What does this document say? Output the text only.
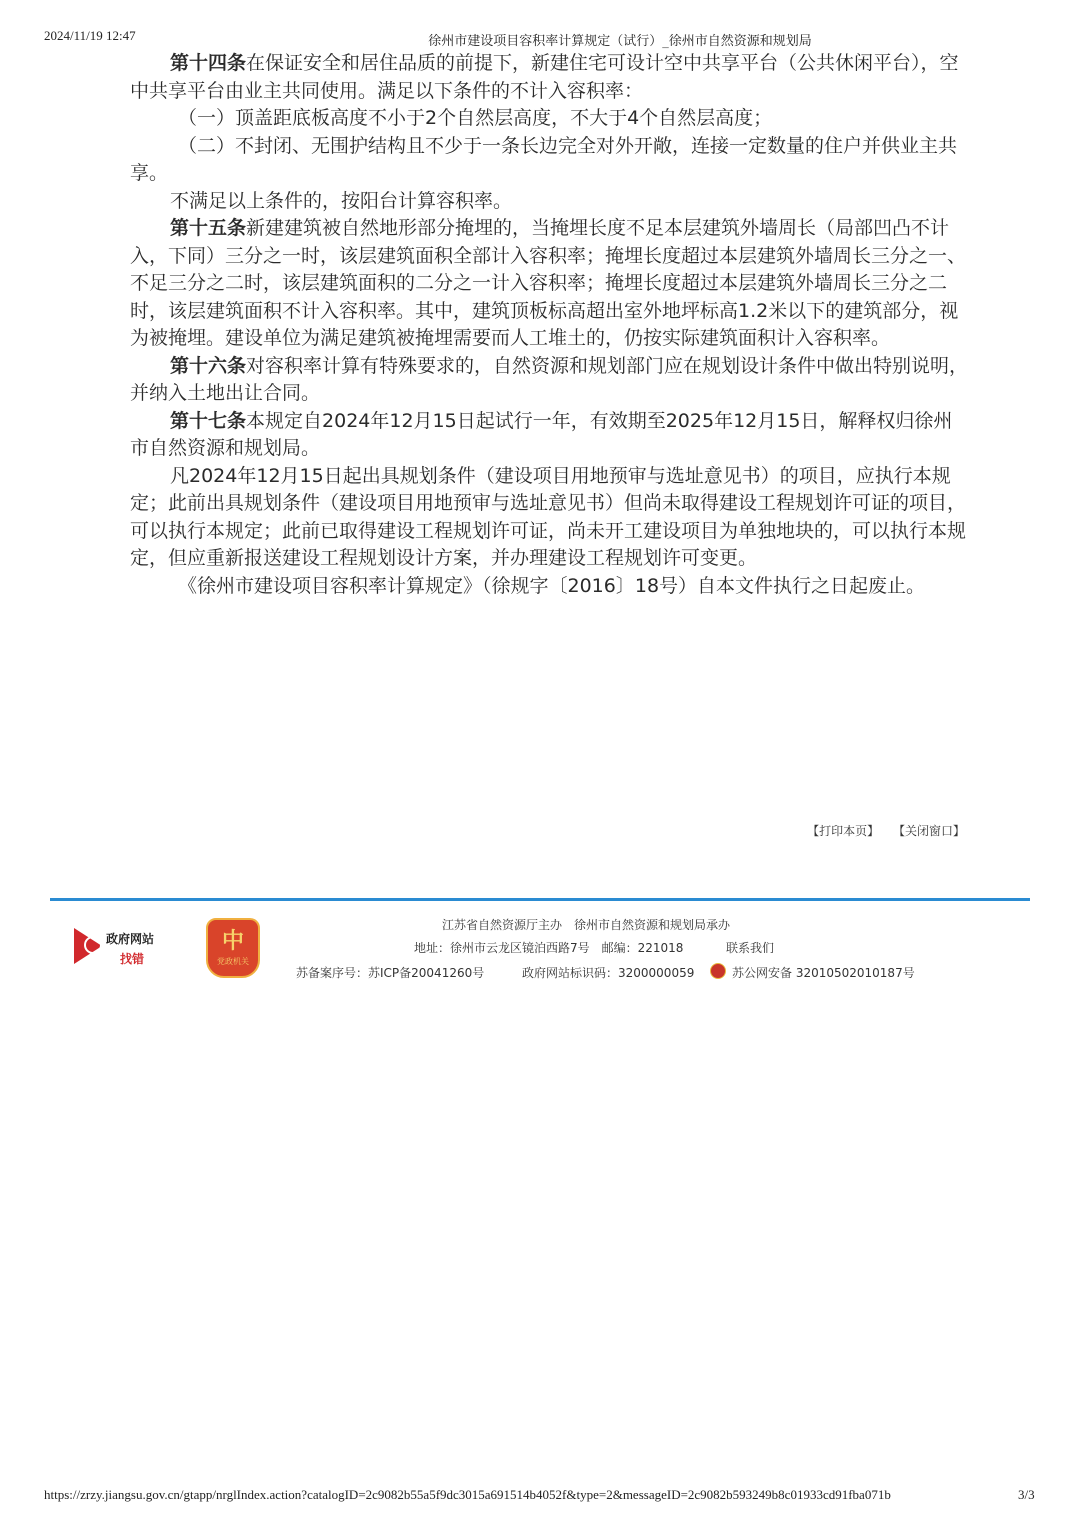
2024/11/19 12:47	徐州市建设项目容积率计算规定（试行）_徐州市自然资源和规划局

第十四条在保证安全和居住品质的前提下，新建住宅可设计空中共享平台（公共休闲平台），空中共享平台由业主共同使用。满足以下条件的不计入容积率：

（一）顶盖距底板高度不小于2个自然层高度，不大于4个自然层高度；

（二）不封闭、无围护结构且不少于一条长边完全对外开敞，连接一定数量的住户并供业主共享。

不满足以上条件的，按阳台计算容积率。

第十五条新建建筑被自然地形部分掩埋的，当掩埋长度不足本层建筑外墙周长（局部凹凸不计入，下同）三分之一时，该层建筑面积全部计入容积率；掩埋长度超过本层建筑外墙周长三分之一、不足三分之二时，该层建筑面积的二分之一计入容积率；掩埋长度超过本层建筑外墙周长三分之二时，该层建筑面积不计入容积率。其中，建筑顶板标高超出室外地坪标高1.2米以下的建筑部分，视为被掩埋。建设单位为满足建筑被掩埋需要而人工堆土的，仍按实际建筑面积计入容积率。

第十六条对容积率计算有特殊要求的，自然资源和规划部门应在规划设计条件中做出特别说明，并纳入土地出让合同。

第十七条本规定自2024年12月15日起试行一年，有效期至2025年12月15日，解释权归徐州市自然资源和规划局。

凡2024年12月15日起出具规划条件（建设项目用地预审与选址意见书）的项目，应执行本规定；此前出具规划条件（建设项目用地预审与选址意见书）但尚未取得建设工程规划许可证的项目，可以执行本规定；此前已取得建设工程规划许可证，尚未开工建设项目为单独地块的，可以执行本规定，但应重新报送建设工程规划设计方案，并办理建设工程规划许可变更。

《徐州市建设项目容积率计算规定》（徐规字〔2016〕18号）自本文件执行之日起废止。

【打印本页】 【关闭窗口】
政府网站
找错
中
党政机关
江苏省自然资源厅主办　徐州市自然资源和规划局承办
地址：徐州市云龙区镜泊西路7号　邮编：221018	联系我们
苏备案序号：苏ICP备20041260号	政府网站标识码：3200000059	苏公网安备 32010502010187号
https://zrzy.jiangsu.gov.cn/gtapp/nrglIndex.action?catalogID=2c9082b55a5f9dc3015a691514b4052f&type=2&messageID=2c9082b593249b8c01933cd91fba071b	3/3
